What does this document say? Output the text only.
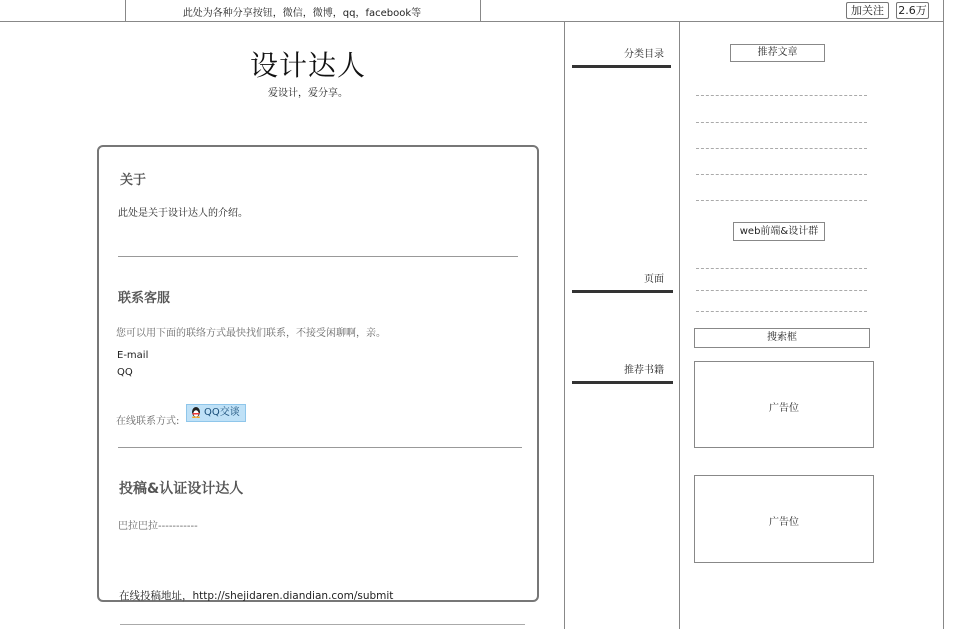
此处为各种分享按钮，微信，微博，qq，facebook等	加关注	2.6万
设计达人
爱设计，爱分享。
关于
此处是关于设计达人的介绍。
联系客服
您可以用下面的联络方式最快找们联系，不接受闲聊啊，亲。
E-mail
QQ
在线联系方式:
QQ交谈
投稿&认证设计达人
巴拉巴拉-----------
在线投稿地址，http://shejidaren.diandian.com/submit
分类目录
页面
推荐书籍
推荐文章
web前端&设计群
搜索框
广告位
广告位
